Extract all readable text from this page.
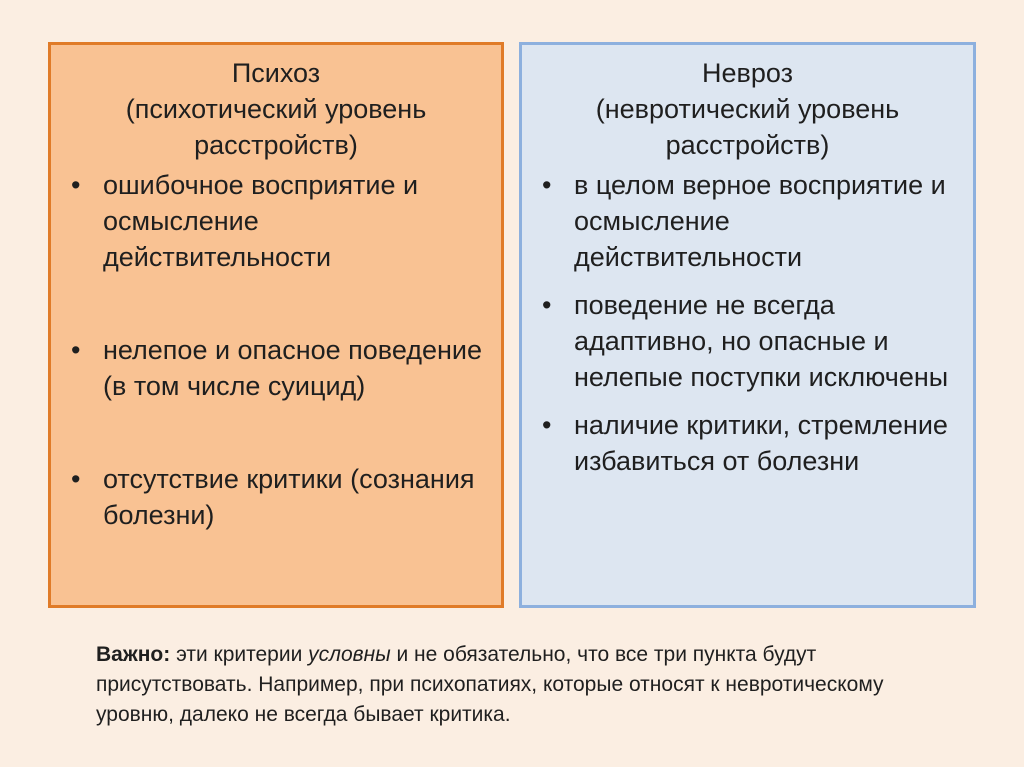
Психоз

(психотический уровень расстройств)

• ошибочное восприятие и осмысление действительности
• нелепое и опасное поведение (в том числе суицид)
• отсутствие критики (сознания болезни)

Невроз

(невротический уровень расстройств)

• в целом верное восприятие и осмысление действительности
• поведение не всегда адаптивно, но опасные и нелепые поступки исключены
• наличие критики, стремление избавиться от болезни
Важно: эти критерии условны и не обязательно, что все три пункта будут присутствовать. Например, при психопатиях, которые относят к невротическому уровню, далеко не всегда бывает критика.
